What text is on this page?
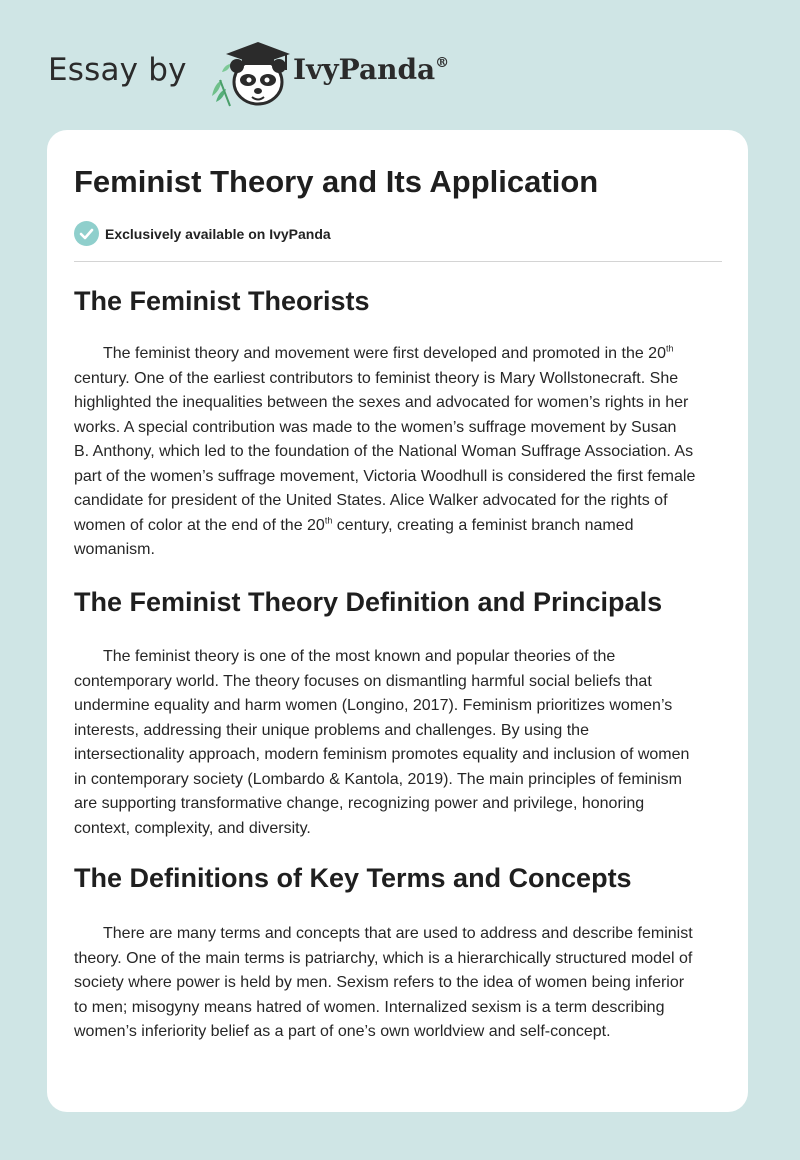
Essay by	IvyPanda®
Feminist Theory and Its Application
Exclusively available on IvyPanda
The Feminist Theorists
The feminist theory and movement were first developed and promoted in the 20th
century. One of the earliest contributors to feminist theory is Mary Wollstonecraft. She
highlighted the inequalities between the sexes and advocated for women’s rights in her
works. A special contribution was made to the women’s suffrage movement by Susan
B. Anthony, which led to the foundation of the National Woman Suffrage Association. As
part of the women’s suffrage movement, Victoria Woodhull is considered the first female
candidate for president of the United States. Alice Walker advocated for the rights of
women of color at the end of the 20th century, creating a feminist branch named
womanism.
The Feminist Theory Definition and Principals
The feminist theory is one of the most known and popular theories of the
contemporary world. The theory focuses on dismantling harmful social beliefs that
undermine equality and harm women (Longino, 2017). Feminism prioritizes women’s
interests, addressing their unique problems and challenges. By using the
intersectionality approach, modern feminism promotes equality and inclusion of women
in contemporary society (Lombardo & Kantola, 2019). The main principles of feminism
are supporting transformative change, recognizing power and privilege, honoring
context, complexity, and diversity.
The Definitions of Key Terms and Concepts
There are many terms and concepts that are used to address and describe feminist
theory. One of the main terms is patriarchy, which is a hierarchically structured model of
society where power is held by men. Sexism refers to the idea of women being inferior
to men; misogyny means hatred of women. Internalized sexism is a term describing
women’s inferiority belief as a part of one’s own worldview and self-concept.
